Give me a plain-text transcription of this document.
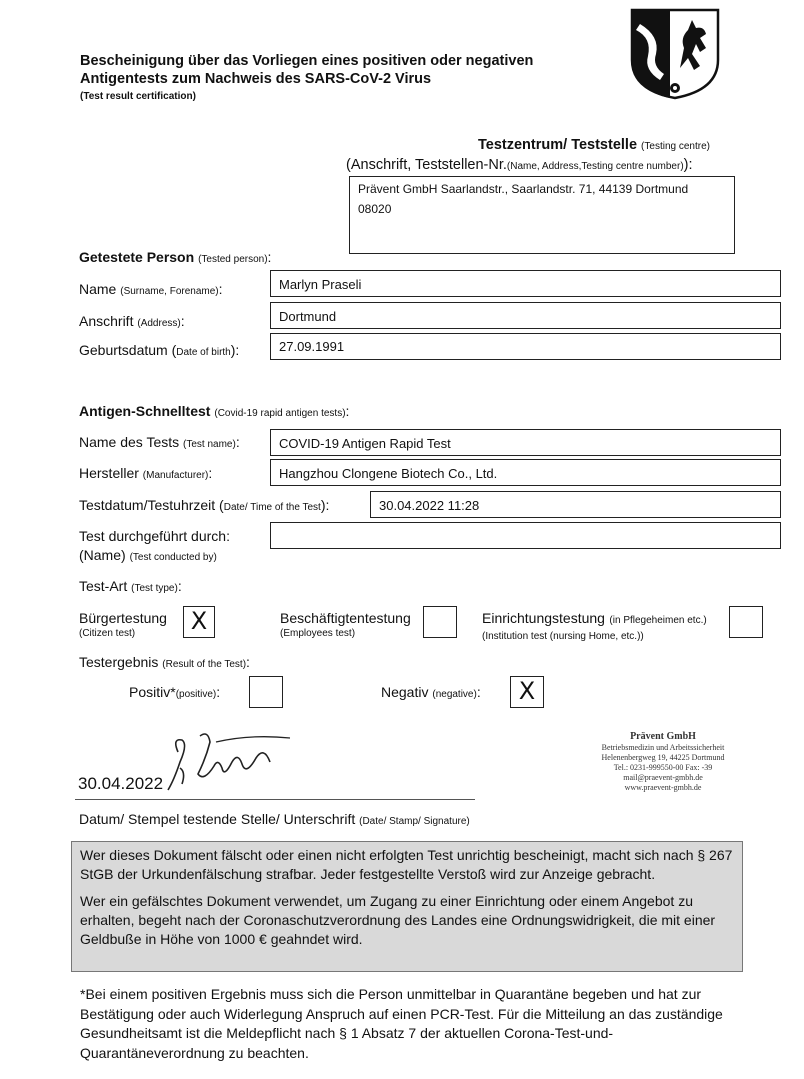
Bescheinigung über das Vorliegen eines positiven oder negativen
Antigentests zum Nachweis des SARS-CoV-2 Virus
(Test result certification)
Testzentrum/ Teststelle (Testing centre)
(Anschrift, Teststellen-Nr.(Name, Address,Testing centre number)):
Prävent GmbH Saarlandstr., Saarlandstr. 71, 44139 Dortmund
08020
Getestete Person (Tested person):
Name (Surname, Forename):	Marlyn Praseli
Anschrift (Address):	Dortmund
Geburtsdatum (Date of birth):	27.09.1991
Antigen-Schnelltest (Covid-19 rapid antigen tests):
Name des Tests (Test name):	COVID-19 Antigen Rapid Test
Hersteller (Manufacturer):	Hangzhou Clongene Biotech Co., Ltd.
Testdatum/Testuhrzeit (Date/ Time of the Test):	30.04.2022 11:28
Test durchgeführt durch:
(Name) (Test conducted by)
Test-Art (Test type):
Bürgertestung
(Citizen test)	X	Beschäftigtentestung
(Employees test)
Einrichtungstestung (in Pflegeheimen etc.)
(Institution test (nursing Home, etc.))
Testergebnis (Result of the Test):
Positiv*(positive):	Negativ (negative):	X
30.04.2022
Prävent GmbH
Betriebsmedizin und Arbeitssicherheit
Helenenbergweg 19, 44225 Dortmund
Tel.: 0231-999550-00 Fax: -39
mail@praevent-gmbh.de
www.praevent-gmbh.de
Datum/ Stempel testende Stelle/ Unterschrift (Date/ Stamp/ Signature)

Wer dieses Dokument fälscht oder einen nicht erfolgten Test unrichtig bescheinigt, macht sich nach § 267 StGB der Urkundenfälschung strafbar. Jeder festgestellte Verstoß wird zur Anzeige gebracht.

Wer ein gefälschtes Dokument verwendet, um Zugang zu einer Einrichtung oder einem Angebot zu erhalten, begeht nach der Coronaschutzverordnung des Landes eine Ordnungswidrigkeit, die mit einer Geldbuße in Höhe von 1000 € geahndet wird.

*Bei einem positiven Ergebnis muss sich die Person unmittelbar in Quarantäne begeben und hat zur Bestätigung oder auch Widerlegung Anspruch auf einen PCR-Test. Für die Mitteilung an das zuständige Gesundheitsamt ist die Meldepflicht nach § 1 Absatz 7 der aktuellen Corona-Test-und-Quarantäneverordnung zu beachten.
